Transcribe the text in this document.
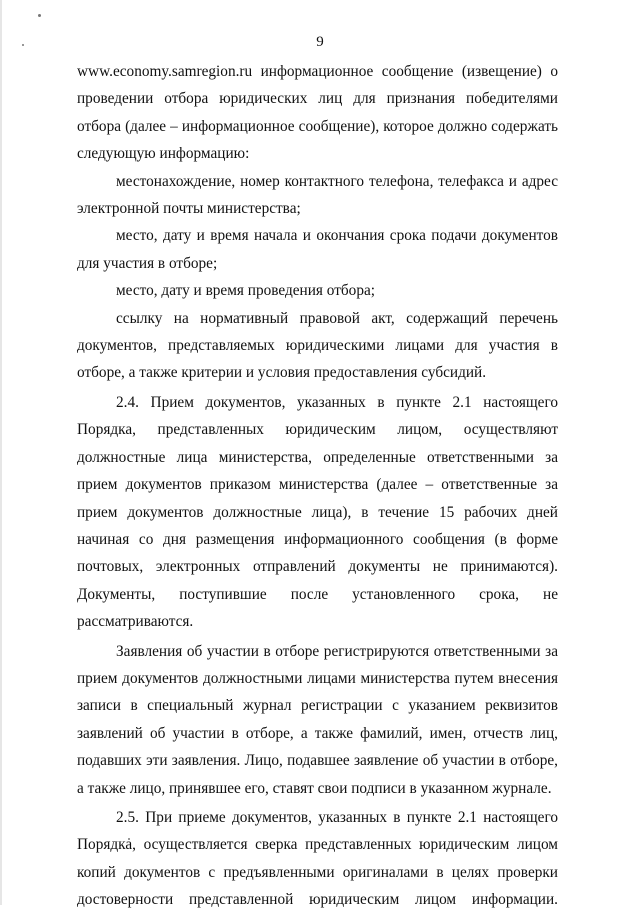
9

www.economy.samregion.ru информационное сообщение (извещение) о проведении отбора юридических лиц для признания победителями отбора (далее – информационное сообщение), которое должно содержать следующую информацию:

местонахождение, номер контактного телефона, телефакса и адрес электронной почты министерства;

место, дату и время начала и окончания срока подачи документов для участия в отборе;

место, дату и время проведения отбора;

ссылку на нормативный правовой акт, содержащий перечень документов, представляемых юридическими лицами для участия в отборе, а также критерии и условия предоставления субсидий.

2.4. Прием документов, указанных в пункте 2.1 настоящего Порядка, представленных юридическим лицом, осуществляют должностные лица министерства, определенные ответственными за прием документов приказом министерства (далее – ответственные за прием документов должностные лица), в течение 15 рабочих дней начиная со дня размещения информационного сообщения (в форме почтовых, электронных отправлений документы не принимаются). Документы, поступившие после установленного срока, не рассматриваются.

Заявления об участии в отборе регистрируются ответственными за прием документов должностными лицами министерства путем внесения записи в специальный журнал регистрации с указанием реквизитов заявлений об участии в отборе, а также фамилий, имен, отчеств лиц, подавших эти заявления. Лицо, подавшее заявление об участии в отборе, а также лицо, принявшее его, ставят свои подписи в указанном журнале.

2.5. При приеме документов, указанных в пункте 2.1 настоящего Порядка, осуществляется сверка представленных юридическим лицом копий документов с предъявленными оригиналами в целях проверки достоверности представленной юридическим лицом информации.
